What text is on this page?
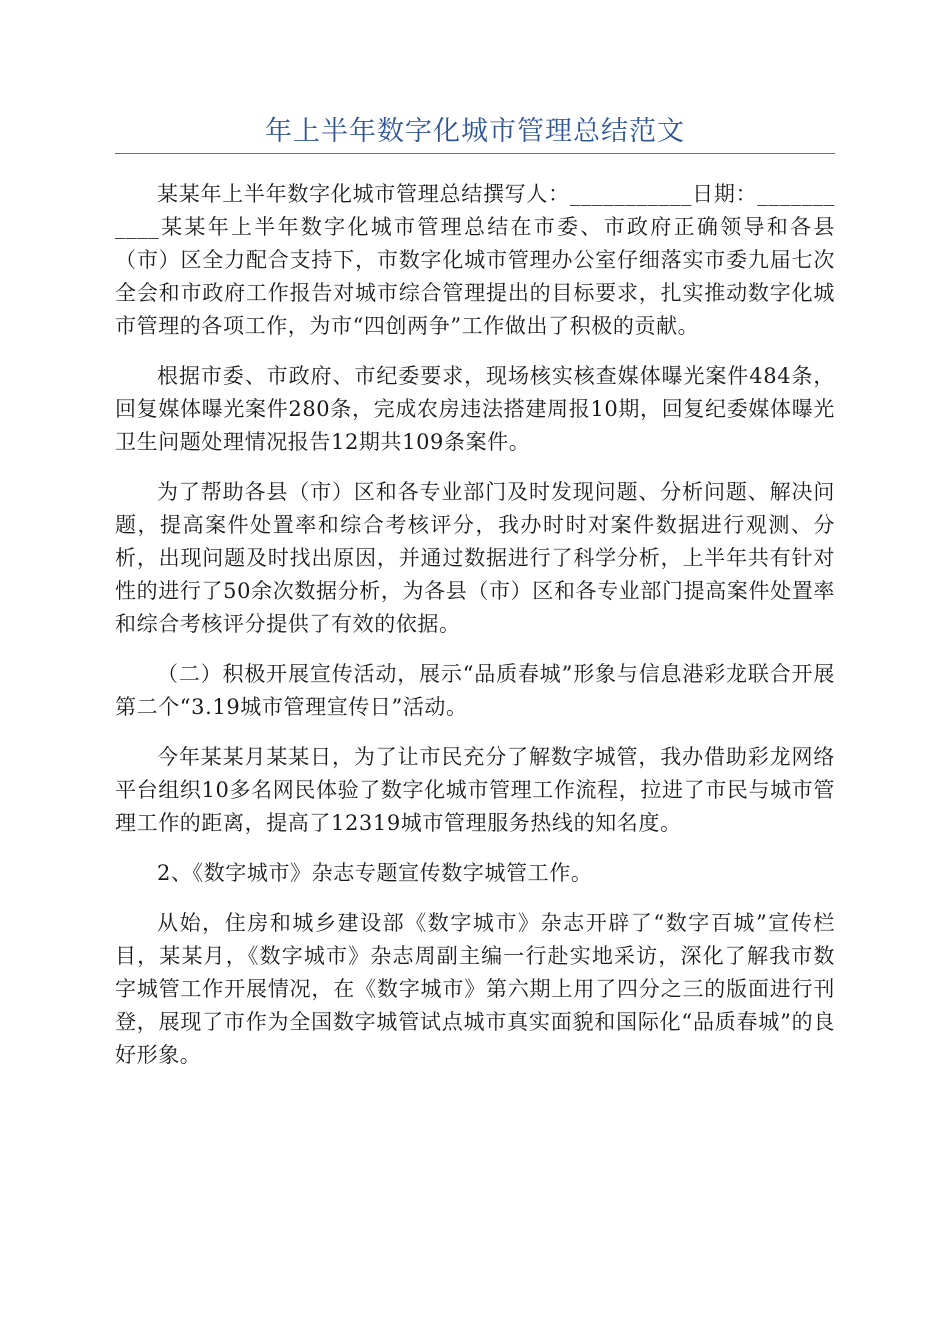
年上半年数字化城市管理总结范文

某某年上半年数字化城市管理总结撰写人：___________日期：___________某某年上半年数字化城市管理总结在市委、市政府正确领导和各县（市）区全力配合支持下，市数字化城市管理办公室仔细落实市委九届七次全会和市政府工作报告对城市综合管理提出的目标要求，扎实推动数字化城市管理的各项工作，为市“四创两争”工作做出了积极的贡献。

根据市委、市政府、市纪委要求，现场核实核查媒体曝光案件484条，回复媒体曝光案件280条，完成农房违法搭建周报10期，回复纪委媒体曝光卫生问题处理情况报告12期共109条案件。

为了帮助各县（市）区和各专业部门及时发现问题、分析问题、解决问题，提高案件处置率和综合考核评分，我办时时对案件数据进行观测、分析，出现问题及时找出原因，并通过数据进行了科学分析，上半年共有针对性的进行了50余次数据分析，为各县（市）区和各专业部门提高案件处置率和综合考核评分提供了有效的依据。

（二）积极开展宣传活动，展示“品质春城”形象与信息港彩龙联合开展第二个“3.19城市管理宣传日”活动。

今年某某月某某日，为了让市民充分了解数字城管，我办借助彩龙网络平台组织10多名网民体验了数字化城市管理工作流程，拉进了市民与城市管理工作的距离，提高了12319城市管理服务热线的知名度。

2、《数字城市》杂志专题宣传数字城管工作。

从始，住房和城乡建设部《数字城市》杂志开辟了“数字百城”宣传栏目，某某月，《数字城市》杂志周副主编一行赴实地采访，深化了解我市数字城管工作开展情况，在《数字城市》第六期上用了四分之三的版面进行刊登，展现了市作为全国数字城管试点城市真实面貌和国际化“品质春城”的良好形象。
